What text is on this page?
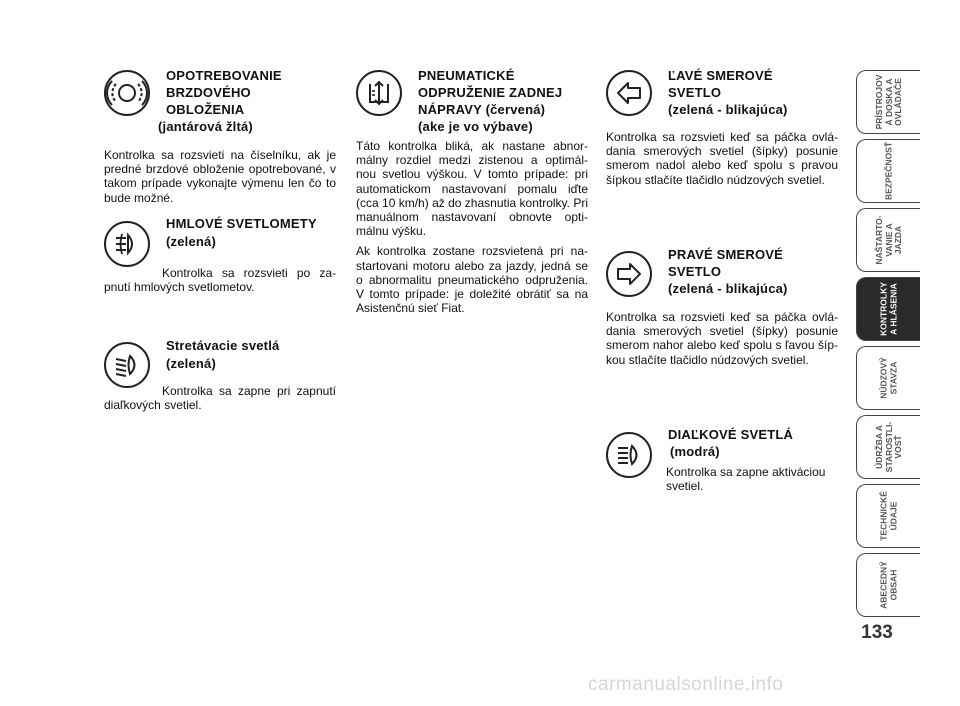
OPOTREBOVANIE
BRZDOVÉHO
OBLOŽENIA
(jantárová žltá)

Kontrolka sa rozsvieti na číselníku, ak je predné brzdové obloženie opotrebované, v takom prípade vykonajte výmenu len čo to bude možné.

HMLOVÉ SVETLOMETY
(zelená)

Kontrolka sa rozsvieti po za- pnutí hmlových svetlometov.

Stretávacie svetlá
(zelená)

Kontrolka sa zapne pri zapnutí diaľkových svetiel.

PNEUMATICKÉ
ODPRUŽENIE ZADNEJ
NÁPRAVY (červená)
(ake je vo výbave)

Táto kontrolka bliká, ak nastane abnor- málny rozdiel medzi zistenou a optimál- nou svetlou výškou. V tomto prípade: pri automatickom nastavovaní pomalu iďte (cca 10 km/h) až do zhasnutia kontrolky. Pri manuálnom nastavovaní obnovte opti- málnu výšku.

Ak kontrolka zostane rozsvietená pri na- startovani motoru alebo za jazdy, jedná se o abnormalitu pneumatického odpruženia. V tomto prípade: je doležité obrátiť sa na Asistenčnú sieť Fiat.

ĽAVÉ SMEROVÉ
SVETLO
(zelená - blikajúca)

Kontrolka sa rozsvieti keď sa páčka ovlá- dania smerových svetiel (šípky) posunie smerom nadol alebo keď spolu s pravou šípkou stlačíte tlačidlo núdzových svetiel.

PRAVÉ SMEROVÉ
SVETLO
(zelená - blikajúca)

Kontrolka sa rozsvieti keď sa páčka ovlá- dania smerových svetiel (šípky) posunie smerom nahor alebo keď spolu s ľavou šíp- kou stlačíte tlačidlo núdzových svetiel.

DIAĽKOVÉ SVETLÁ
(modrá)

Kontrolka sa zapne aktiváciou svetiel.

PRÍSTROJOV
Á DOSKA A
OVLÁDAČE
BEZPEČNOSŤ
NAŠTARTO-
VANIE A
JAZDA
KONTROLKY
A HLÁSENIA
NÚDZOVÝ
STAVZA
ÚDRŽBA A
STAROSTLI-
VOSŤ
TECHNICKÉ
ÚDAJE
ABECEDNÝ
OBSAH
133
carmanualsonline.info
